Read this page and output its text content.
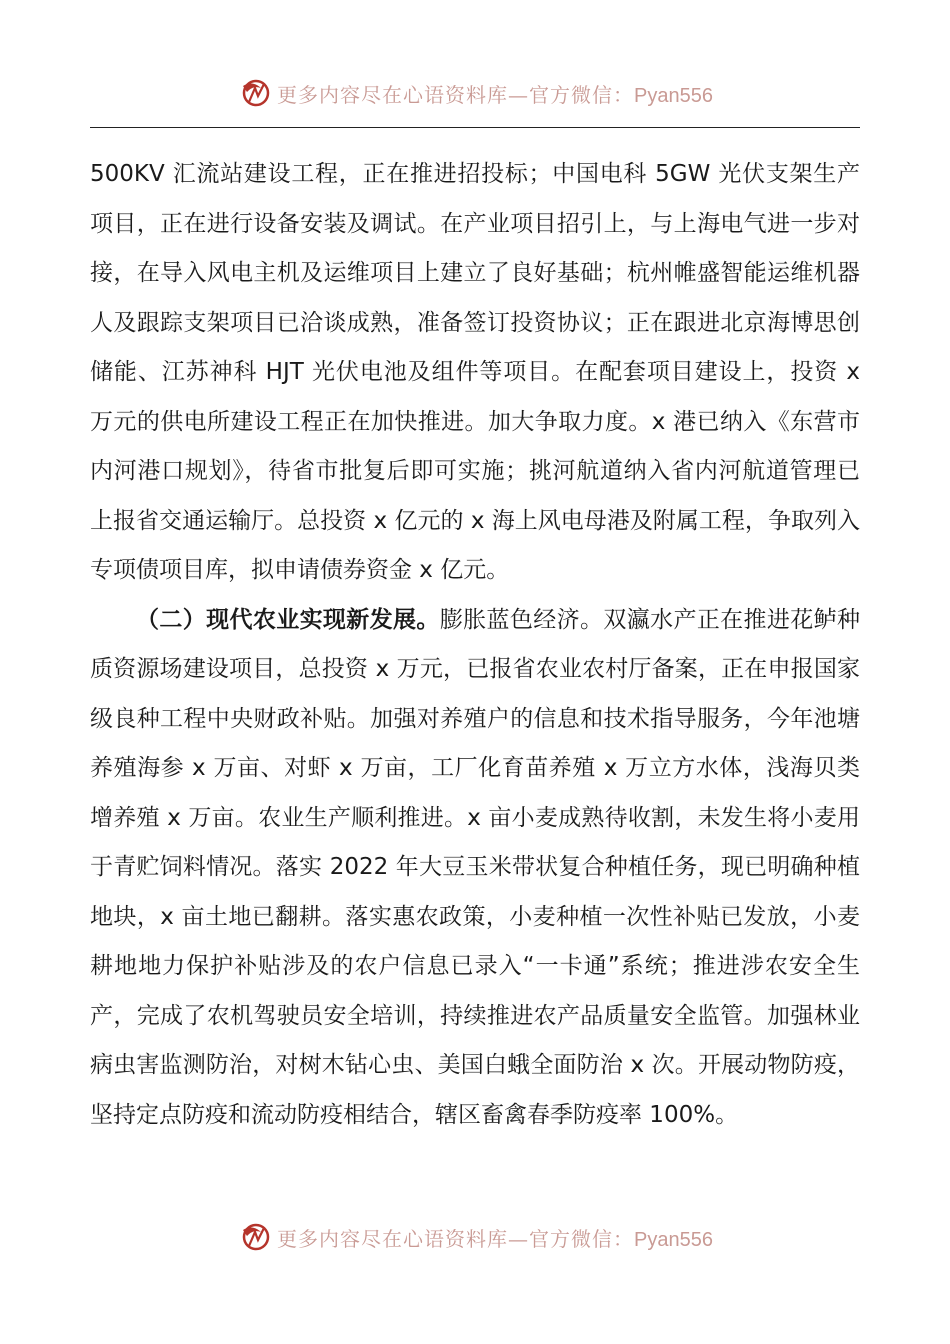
更多内容尽在心语资料库—官方微信：Pyan556

500KV 汇流站建设工程，正在推进招投标；中国电科 5GW 光伏支架生产项目，正在进行设备安装及调试。在产业项目招引上，与上海电气进一步对接，在导入风电主机及运维项目上建立了良好基础；杭州帷盛智能运维机器人及跟踪支架项目已洽谈成熟，准备签订投资协议；正在跟进北京海博思创储能、江苏神科 HJT 光伏电池及组件等项目。在配套项目建设上，投资 x 万元的供电所建设工程正在加快推进。加大争取力度。x 港已纳入《东营市内河港口规划》，待省市批复后即可实施；挑河航道纳入省内河航道管理已上报省交通运输厅。总投资 x 亿元的 x 海上风电母港及附属工程，争取列入专项债项目库，拟申请债券资金 x 亿元。

（二）现代农业实现新发展。膨胀蓝色经济。双瀛水产正在推进花鲈种质资源场建设项目，总投资 x 万元，已报省农业农村厅备案，正在申报国家级良种工程中央财政补贴。加强对养殖户的信息和技术指导服务，今年池塘养殖海参 x 万亩、对虾 x 万亩，工厂化育苗养殖 x 万立方水体，浅海贝类增养殖 x 万亩。农业生产顺利推进。x 亩小麦成熟待收割，未发生将小麦用于青贮饲料情况。落实 2022 年大豆玉米带状复合种植任务，现已明确种植地块，x 亩土地已翻耕。落实惠农政策，小麦种植一次性补贴已发放，小麦耕地地力保护补贴涉及的农户信息已录入“一卡通”系统；推进涉农安全生产，完成了农机驾驶员安全培训，持续推进农产品质量安全监管。加强林业病虫害监测防治，对树木钻心虫、美国白蛾全面防治 x 次。开展动物防疫，坚持定点防疫和流动防疫相结合，辖区畜禽春季防疫率 100%。

更多内容尽在心语资料库—官方微信：Pyan556
